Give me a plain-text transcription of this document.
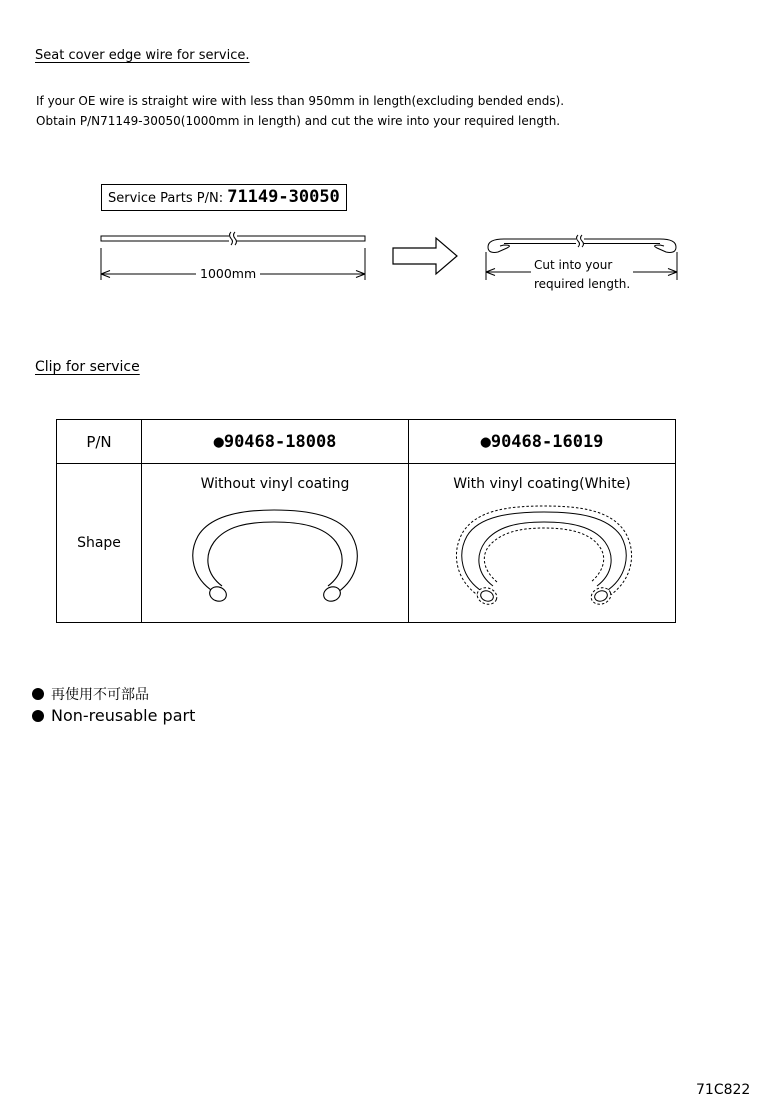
Seat cover edge wire for service.
If your OE wire is straight wire with less than 950mm in length(excluding bended ends).
Obtain P/N71149-30050(1000mm in length) and cut the wire into your required length.
Service Parts P/N: 71149-30050
1000mm
Cut into your
required length.
Clip for service
P/N	●90468-18008	●90468-16019
Shape	Without vinyl coating	With vinyl coating(White)
再使用不可部品
Non-reusable part
71C822
